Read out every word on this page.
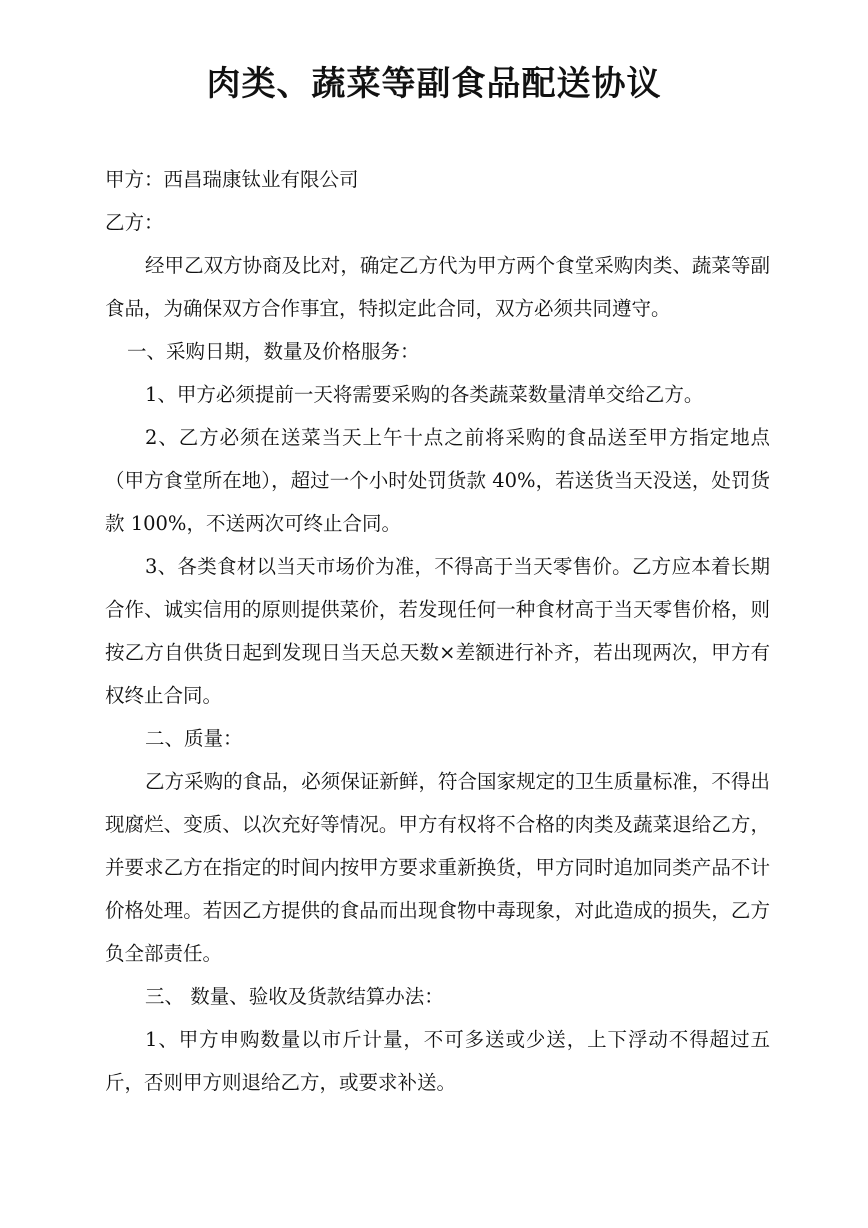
肉类、蔬菜等副食品配送协议

甲方：西昌瑞康钛业有限公司

乙方：

经甲乙双方协商及比对，确定乙方代为甲方两个食堂采购肉类、蔬菜等副食品，为确保双方合作事宜，特拟定此合同，双方必须共同遵守。

一、采购日期，数量及价格服务：

1、甲方必须提前一天将需要采购的各类蔬菜数量清单交给乙方。

2、乙方必须在送菜当天上午十点之前将采购的食品送至甲方指定地点（甲方食堂所在地），超过一个小时处罚货款 40%，若送货当天没送，处罚货款 100%，不送两次可终止合同。

3、各类食材以当天市场价为准，不得高于当天零售价。乙方应本着长期合作、诚实信用的原则提供菜价，若发现任何一种食材高于当天零售价格，则按乙方自供货日起到发现日当天总天数×差额进行补齐，若出现两次，甲方有权终止合同。

二、质量：

乙方采购的食品，必须保证新鲜，符合国家规定的卫生质量标准，不得出现腐烂、变质、以次充好等情况。甲方有权将不合格的肉类及蔬菜退给乙方，并要求乙方在指定的时间内按甲方要求重新换货，甲方同时追加同类产品不计价格处理。若因乙方提供的食品而出现食物中毒现象，对此造成的损失，乙方负全部责任。

三、 数量、验收及货款结算办法：

1、甲方申购数量以市斤计量，不可多送或少送，上下浮动不得超过五斤，否则甲方则退给乙方，或要求补送。
